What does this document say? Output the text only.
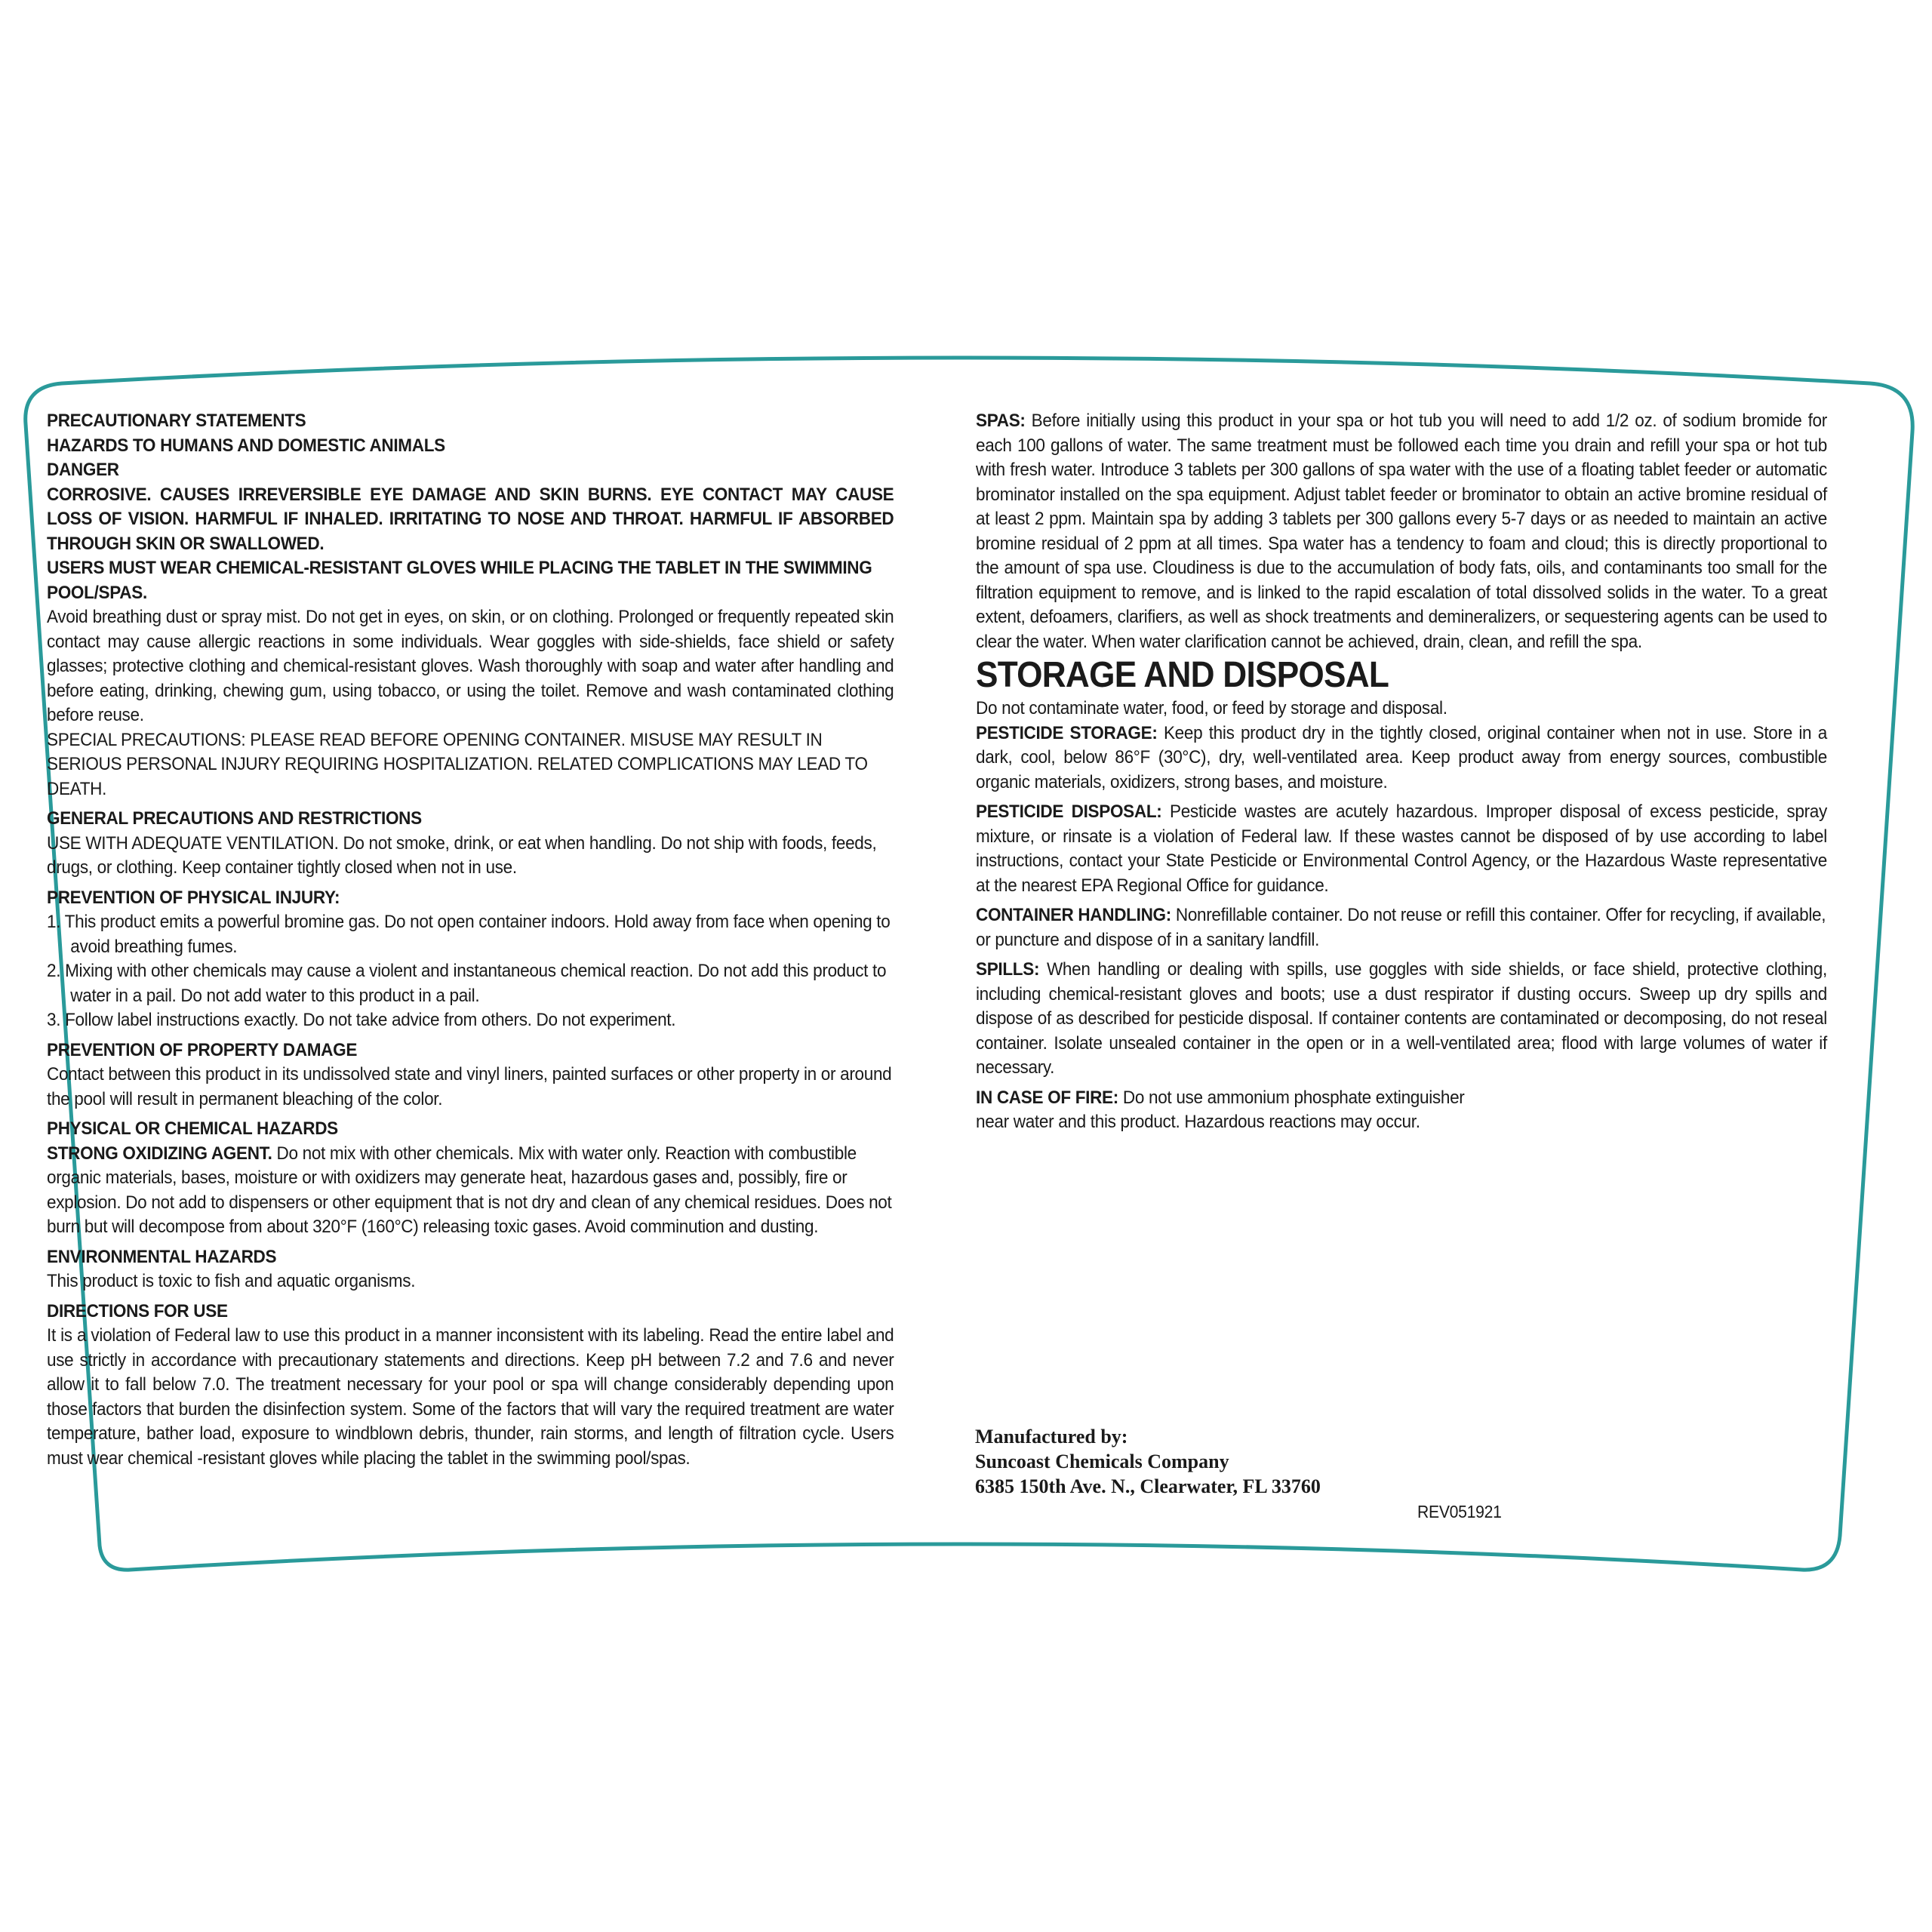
PRECAUTIONARY STATEMENTS

HAZARDS TO HUMANS AND DOMESTIC ANIMALS

DANGER

CORROSIVE. CAUSES IRREVERSIBLE EYE DAMAGE AND SKIN BURNS. EYE CONTACT MAY CAUSE LOSS OF VISION. HARMFUL IF INHALED. IRRITATING TO NOSE AND THROAT. HARMFUL IF ABSORBED THROUGH SKIN OR SWALLOWED.

USERS MUST WEAR CHEMICAL-RESISTANT GLOVES WHILE PLACING THE TABLET IN THE SWIMMING POOL/SPAS.

Avoid breathing dust or spray mist. Do not get in eyes, on skin, or on clothing. Prolonged or frequently repeated skin contact may cause allergic reactions in some individuals. Wear goggles with side-shields, face shield or safety glasses; protective clothing and chemical-resistant gloves. Wash thoroughly with soap and water after handling and before eating, drinking, chewing gum, using tobacco, or using the toilet. Remove and wash contaminated clothing before reuse.

SPECIAL PRECAUTIONS: PLEASE READ BEFORE OPENING CONTAINER. MISUSE MAY RESULT IN SERIOUS PERSONAL INJURY REQUIRING HOSPITALIZATION. RELATED COMPLICATIONS MAY LEAD TO DEATH.

GENERAL PRECAUTIONS AND RESTRICTIONS

USE WITH ADEQUATE VENTILATION. Do not smoke, drink, or eat when handling. Do not ship with foods, feeds, drugs, or clothing. Keep container tightly closed when not in use.

PREVENTION OF PHYSICAL INJURY:

1. This product emits a powerful bromine gas. Do not open container indoors. Hold away from face when opening to avoid breathing fumes.
2. Mixing with other chemicals may cause a violent and instantaneous chemical reaction. Do not add this product to water in a pail. Do not add water to this product in a pail.
3. Follow label instructions exactly. Do not take advice from others. Do not experiment.

PREVENTION OF PROPERTY DAMAGE

Contact between this product in its undissolved state and vinyl liners, painted surfaces or other property in or around the pool will result in permanent bleaching of the color.

PHYSICAL OR CHEMICAL HAZARDS

STRONG OXIDIZING AGENT. Do not mix with other chemicals. Mix with water only. Reaction with combustible organic materials, bases, moisture or with oxidizers may generate heat, hazardous gases and, possibly, fire or explosion. Do not add to dispensers or other equipment that is not dry and clean of any chemical residues. Does not burn but will decompose from about 320°F (160°C) releasing toxic gases. Avoid comminution and dusting.

ENVIRONMENTAL HAZARDS

This product is toxic to fish and aquatic organisms.

DIRECTIONS FOR USE

It is a violation of Federal law to use this product in a manner inconsistent with its labeling. Read the entire label and use strictly in accordance with precautionary statements and directions. Keep pH between 7.2 and 7.6 and never allow it to fall below 7.0. The treatment necessary for your pool or spa will change considerably depending upon those factors that burden the disinfection system. Some of the factors that will vary the required treatment are water temperature, bather load, exposure to windblown debris, thunder, rain storms, and length of filtration cycle. Users must wear chemical -resistant gloves while placing the tablet in the swimming pool/spas.

SPAS: Before initially using this product in your spa or hot tub you will need to add 1/2 oz. of sodium bromide for each 100 gallons of water. The same treatment must be followed each time you drain and refill your spa or hot tub with fresh water. Introduce 3 tablets per 300 gallons of spa water with the use of a floating tablet feeder or automatic brominator installed on the spa equipment. Adjust tablet feeder or brominator to obtain an active bromine residual of at least 2 ppm. Maintain spa by adding 3 tablets per 300 gallons every 5-7 days or as needed to maintain an active bromine residual of 2 ppm at all times. Spa water has a tendency to foam and cloud; this is directly proportional to the amount of spa use. Cloudiness is due to the accumulation of body fats, oils, and contaminants too small for the filtration equipment to remove, and is linked to the rapid escalation of total dissolved solids in the water. To a great extent, defoamers, clarifiers, as well as shock treatments and demineralizers, or sequestering agents can be used to clear the water. When water clarification cannot be achieved, drain, clean, and refill the spa.

STORAGE AND DISPOSAL

Do not contaminate water, food, or feed by storage and disposal.

PESTICIDE STORAGE: Keep this product dry in the tightly closed, original container when not in use. Store in a dark, cool, below 86°F (30°C), dry, well-ventilated area. Keep product away from energy sources, combustible organic materials, oxidizers, strong bases, and moisture.

PESTICIDE DISPOSAL: Pesticide wastes are acutely hazardous. Improper disposal of excess pesticide, spray mixture, or rinsate is a violation of Federal law. If these wastes cannot be disposed of by use according to label instructions, contact your State Pesticide or Environmental Control Agency, or the Hazardous Waste representative at the nearest EPA Regional Office for guidance.

CONTAINER HANDLING: Nonrefillable container. Do not reuse or refill this container. Offer for recycling, if available, or puncture and dispose of in a sanitary landfill.

SPILLS: When handling or dealing with spills, use goggles with side shields, or face shield, protective clothing, including chemical-resistant gloves and boots; use a dust respirator if dusting occurs. Sweep up dry spills and dispose of as described for pesticide disposal. If container contents are contaminated or decomposing, do not reseal container. Isolate unsealed container in the open or in a well-ventilated area; flood with large volumes of water if necessary.

IN CASE OF FIRE: Do not use ammonium phosphate extinguisher

near water and this product. Hazardous reactions may occur.

Manufactured by:
Suncoast Chemicals Company
6385 150th Ave. N., Clearwater, FL 33760
REV051921
